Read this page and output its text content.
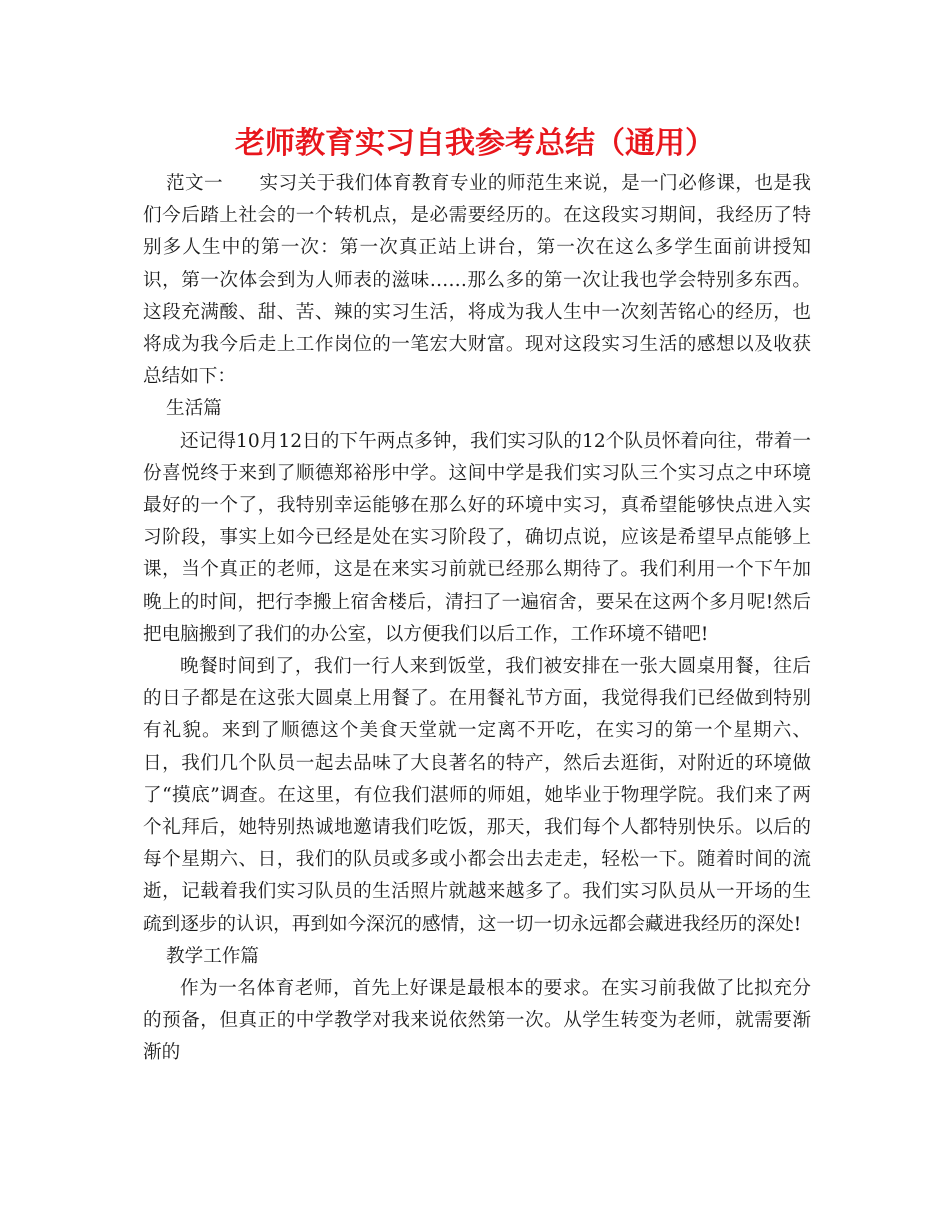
老师教育实习自我参考总结（通用）

范文一 实习关于我们体育教育专业的师范生来说，是一门必修课，也是我们今后踏上社会的一个转机点，是必需要经历的。在这段实习期间，我经历了特别多人生中的第一次：第一次真正站上讲台，第一次在这么多学生面前讲授知识，第一次体会到为人师表的滋味……那么多的第一次让我也学会特别多东西。这段充满酸、甜、苦、辣的实习生活，将成为我人生中一次刻苦铭心的经历，也将成为我今后走上工作岗位的一笔宏大财富。现对这段实习生活的感想以及收获总结如下：

生活篇

还记得10月12日的下午两点多钟，我们实习队的12个队员怀着向往，带着一份喜悦终于来到了顺德郑裕彤中学。这间中学是我们实习队三个实习点之中环境最好的一个了，我特别幸运能够在那么好的环境中实习，真希望能够快点进入实习阶段，事实上如今已经是处在实习阶段了，确切点说，应该是希望早点能够上课，当个真正的老师，这是在来实习前就已经那么期待了。我们利用一个下午加晚上的时间，把行李搬上宿舍楼后，清扫了一遍宿舍，要呆在这两个多月呢!然后把电脑搬到了我们的办公室，以方便我们以后工作，工作环境不错吧!

晚餐时间到了，我们一行人来到饭堂，我们被安排在一张大圆桌用餐，往后的日子都是在这张大圆桌上用餐了。在用餐礼节方面，我觉得我们已经做到特别有礼貌。来到了顺德这个美食天堂就一定离不开吃，在实习的第一个星期六、日，我们几个队员一起去品味了大良著名的特产，然后去逛街，对附近的环境做了“摸底”调查。在这里，有位我们湛师的师姐，她毕业于物理学院。我们来了两个礼拜后，她特别热诚地邀请我们吃饭，那天，我们每个人都特别快乐。以后的每个星期六、日，我们的队员或多或小都会出去走走，轻松一下。随着时间的流逝，记载着我们实习队员的生活照片就越来越多了。我们实习队员从一开场的生疏到逐步的认识，再到如今深沉的感情，这一切一切永远都会藏进我经历的深处!

教学工作篇

作为一名体育老师，首先上好课是最根本的要求。在实习前我做了比拟充分的预备，但真正的中学教学对我来说依然第一次。从学生转变为老师，就需要渐渐的
